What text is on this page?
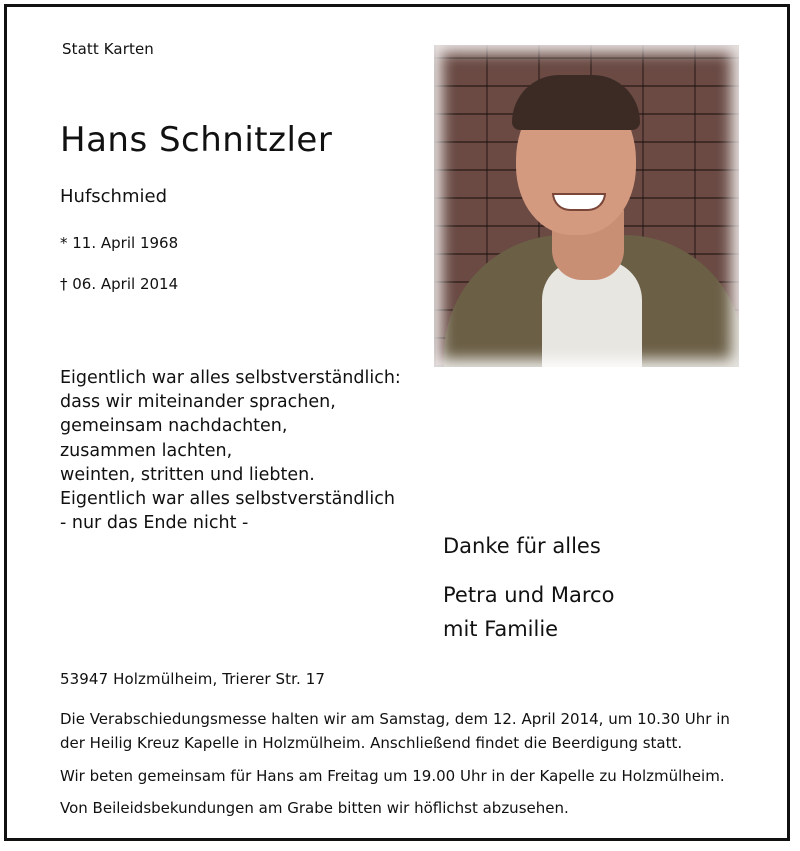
Statt Karten
Hans Schnitzler
Hufschmied
* 11. April 1968
† 06. April 2014
Eigentlich war alles selbstverständlich:
dass wir miteinander sprachen,
gemeinsam nachdachten,
zusammen lachten,
weinten, stritten und liebten.
Eigentlich war alles selbstverständlich
- nur das Ende nicht -
Danke für alles
Petra und Marco
mit Familie
53947 Holzmülheim, Trierer Str. 17
Die Verabschiedungsmesse halten wir am Samstag, dem 12. April 2014, um 10.30 Uhr in
der Heilig Kreuz Kapelle in Holzmülheim. Anschließend findet die Beerdigung statt.
Wir beten gemeinsam für Hans am Freitag um 19.00 Uhr in der Kapelle zu Holzmülheim.
Von Beileidsbekundungen am Grabe bitten wir höflichst abzusehen.
